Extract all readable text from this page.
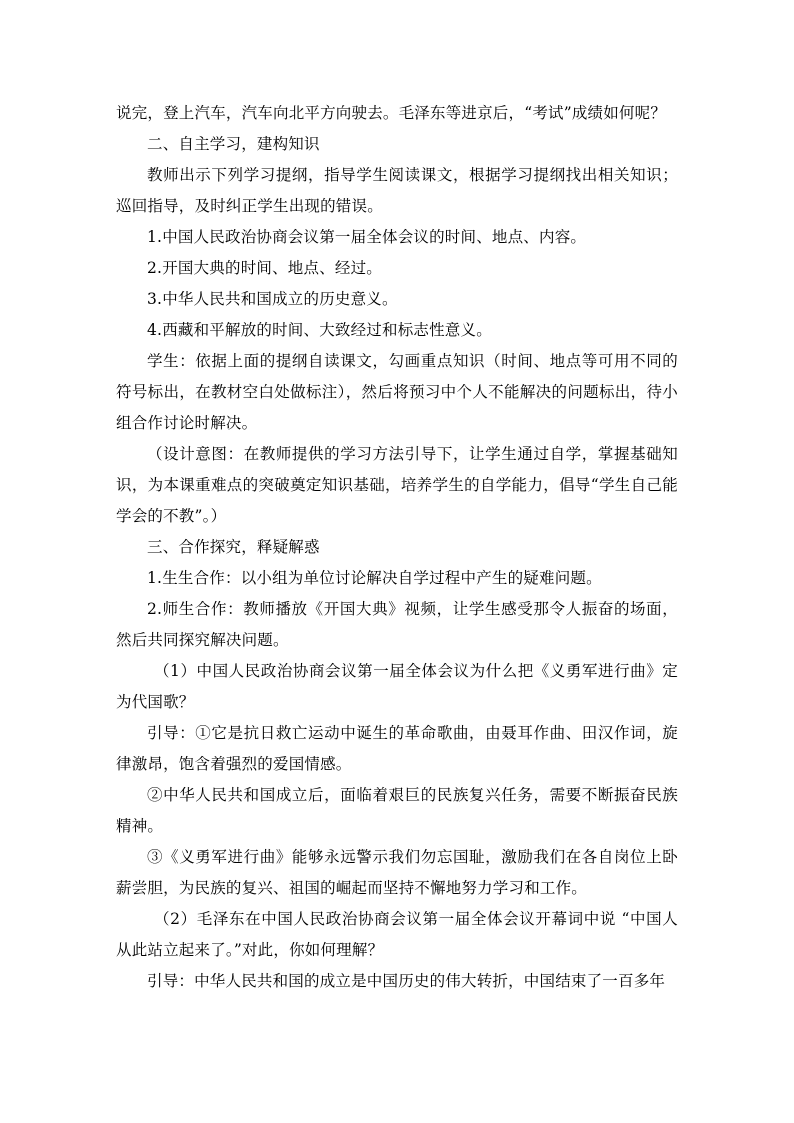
说完，登上汽车，汽车向北平方向驶去。毛泽东等进京后，“考试”成绩如何呢？

二、自主学习，建构知识

教师出示下列学习提纲，指导学生阅读课文，根据学习提纲找出相关知识；巡回指导，及时纠正学生出现的错误。

1.中国人民政治协商会议第一届全体会议的时间、地点、内容。

2.开国大典的时间、地点、经过。

3.中华人民共和国成立的历史意义。

4.西藏和平解放的时间、大致经过和标志性意义。

学生：依据上面的提纲自读课文，勾画重点知识（时间、地点等可用不同的符号标出，在教材空白处做标注），然后将预习中个人不能解决的问题标出，待小组合作讨论时解决。

（设计意图：在教师提供的学习方法引导下，让学生通过自学，掌握基础知识，为本课重难点的突破奠定知识基础，培养学生的自学能力，倡导“学生自己能学会的不教”。）

三、合作探究，释疑解惑

1.生生合作：以小组为单位讨论解决自学过程中产生的疑难问题。

2.师生合作：教师播放《开国大典》视频，让学生感受那令人振奋的场面，然后共同探究解决问题。

（1）中国人民政治协商会议第一届全体会议为什么把《义勇军进行曲》定为代国歌？

引导：①它是抗日救亡运动中诞生的革命歌曲，由聂耳作曲、田汉作词，旋律激昂，饱含着强烈的爱国情感。

②中华人民共和国成立后，面临着艰巨的民族复兴任务，需要不断振奋民族精神。

③《义勇军进行曲》能够永远警示我们勿忘国耻，激励我们在各自岗位上卧薪尝胆，为民族的复兴、祖国的崛起而坚持不懈地努力学习和工作。

（2）毛泽东在中国人民政治协商会议第一届全体会议开幕词中说 “中国人从此站立起来了。”对此，你如何理解？

引导：中华人民共和国的成立是中国历史的伟大转折，中国结束了一百多年
